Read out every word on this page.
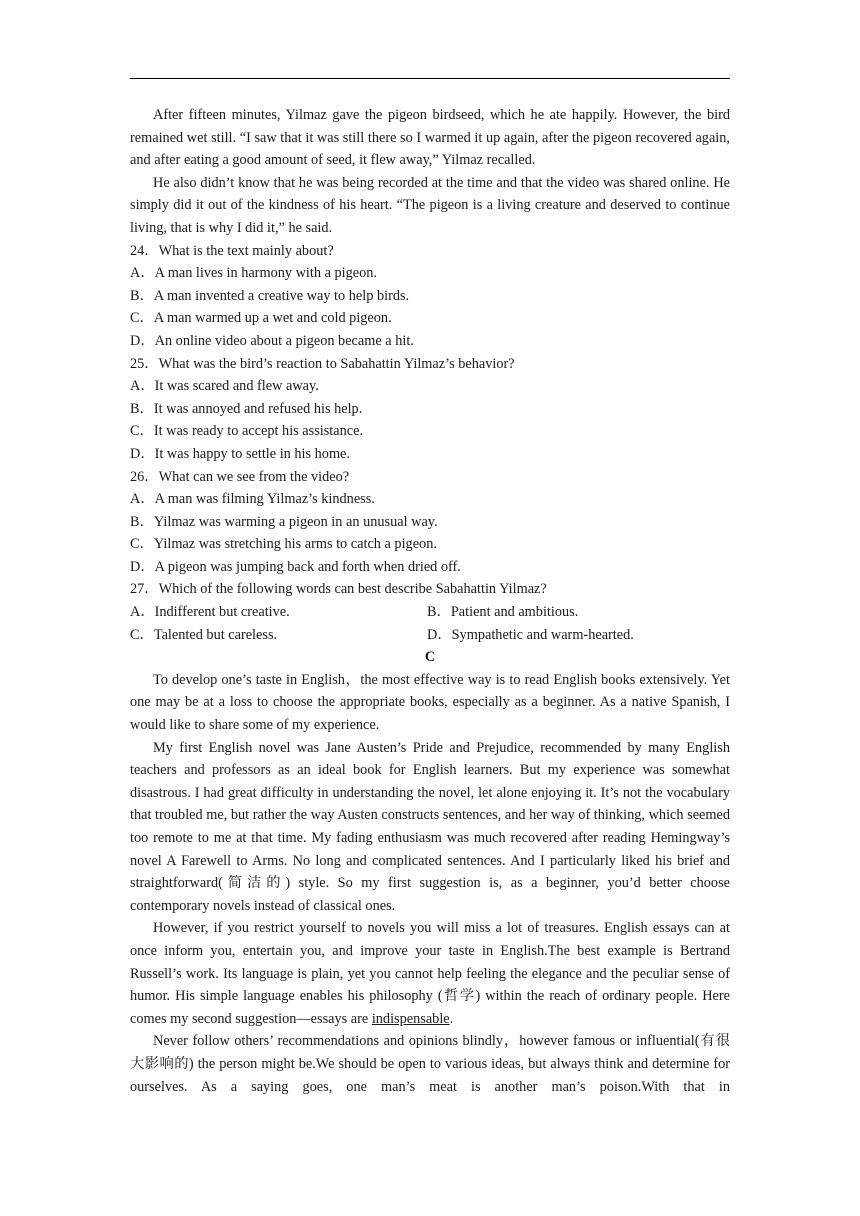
After fifteen minutes, Yilmaz gave the pigeon birdseed, which he ate happily. However, the bird remained wet still. “I saw that it was still there so I warmed it up again, after the pigeon recovered again, and after eating a good amount of seed, it flew away,” Yilmaz recalled.

He also didn’t know that he was being recorded at the time and that the video was shared online. He simply did it out of the kindness of his heart. “The pigeon is a living creature and deserved to continue living, that is why I did it,” he said.

24．What is the text mainly about?

A．A man lives in harmony with a pigeon.

B．A man invented a creative way to help birds.

C．A man warmed up a wet and cold pigeon.

D．An online video about a pigeon became a hit.

25．What was the bird’s reaction to Sabahattin Yilmaz’s behavior?

A．It was scared and flew away.

B．It was annoyed and refused his help.

C．It was ready to accept his assistance.

D．It was happy to settle in his home.

26．What can we see from the video?

A．A man was filming Yilmaz’s kindness.

B．Yilmaz was warming a pigeon in an unusual way.

C．Yilmaz was stretching his arms to catch a pigeon.

D．A pigeon was jumping back and forth when dried off.

27．Which of the following words can best describe Sabahattin Yilmaz?

A．Indifferent but creative.	B．Patient and ambitious.
C．Talented but careless.	D．Sympathetic and warm-hearted.

C

To develop one’s taste in English，the most effective way is to read English books extensively. Yet one may be at a loss to choose the appropriate books, especially as a beginner. As a native Spanish, I would like to share some of my experience.

My first English novel was Jane Austen’s Pride and Prejudice, recommended by many English teachers and professors as an ideal book for English learners. But my experience was somewhat disastrous. I had great difficulty in understanding the novel, let alone enjoying it. It’s not the vocabulary that troubled me, but rather the way Austen constructs sentences, and her way of thinking, which seemed too remote to me at that time. My fading enthusiasm was much recovered after reading Hemingway’s novel A Farewell to Arms. No long and complicated sentences. And I particularly liked his brief and straightforward(简洁的) style. So my first suggestion is, as a beginner, you’d better choose contemporary novels instead of classical ones.

However, if you restrict yourself to novels you will miss a lot of treasures. English essays can at once inform you, entertain you, and improve your taste in English.The best example is Bertrand Russell’s work. Its language is plain, yet you cannot help feeling the elegance and the peculiar sense of humor. His simple language enables his philosophy (哲学) within the reach of ordinary people. Here comes my second suggestion—essays are indispensable.

Never follow others’ recommendations and opinions blindly，however famous or influential(有很大影响的) the person might be.We should be open to various ideas, but always think and determine for ourselves. As a saying goes, one man’s meat is another man’s poison.With that in
